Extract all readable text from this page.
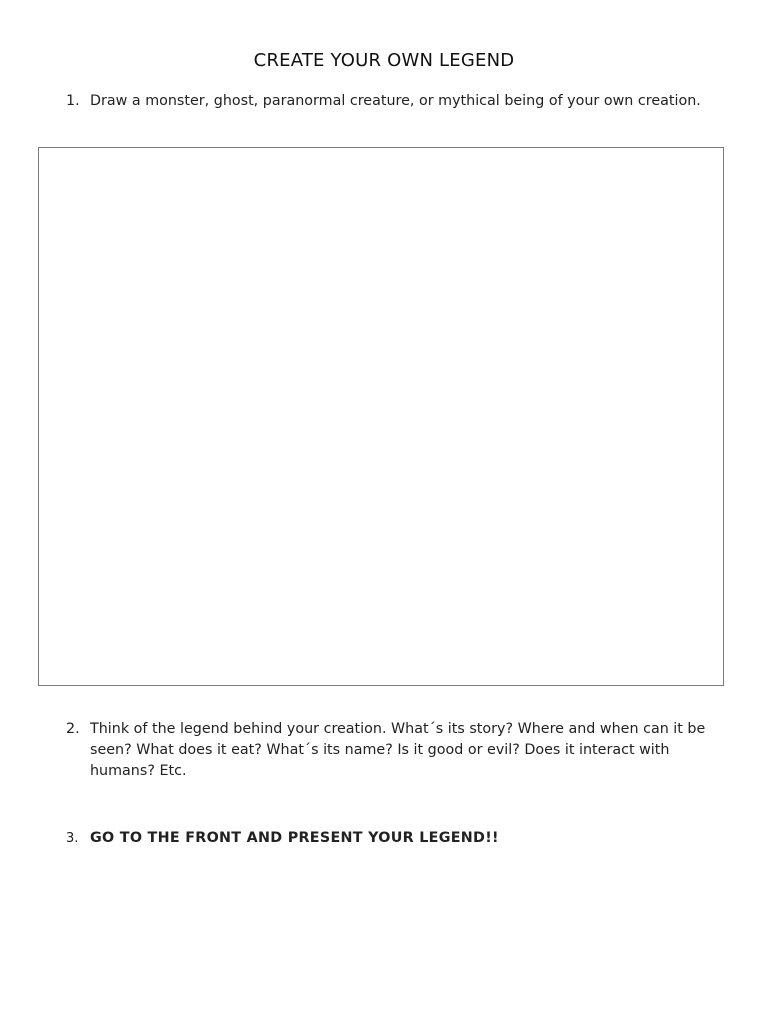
CREATE YOUR OWN LEGEND
1. Draw a monster, ghost, paranormal creature, or mythical being of your own creation.
2. Think of the legend behind your creation. What´s its story? Where and when can it be seen? What does it eat? What´s its name? Is it good or evil? Does it interact with humans? Etc.
3. GO TO THE FRONT AND PRESENT YOUR LEGEND!!
